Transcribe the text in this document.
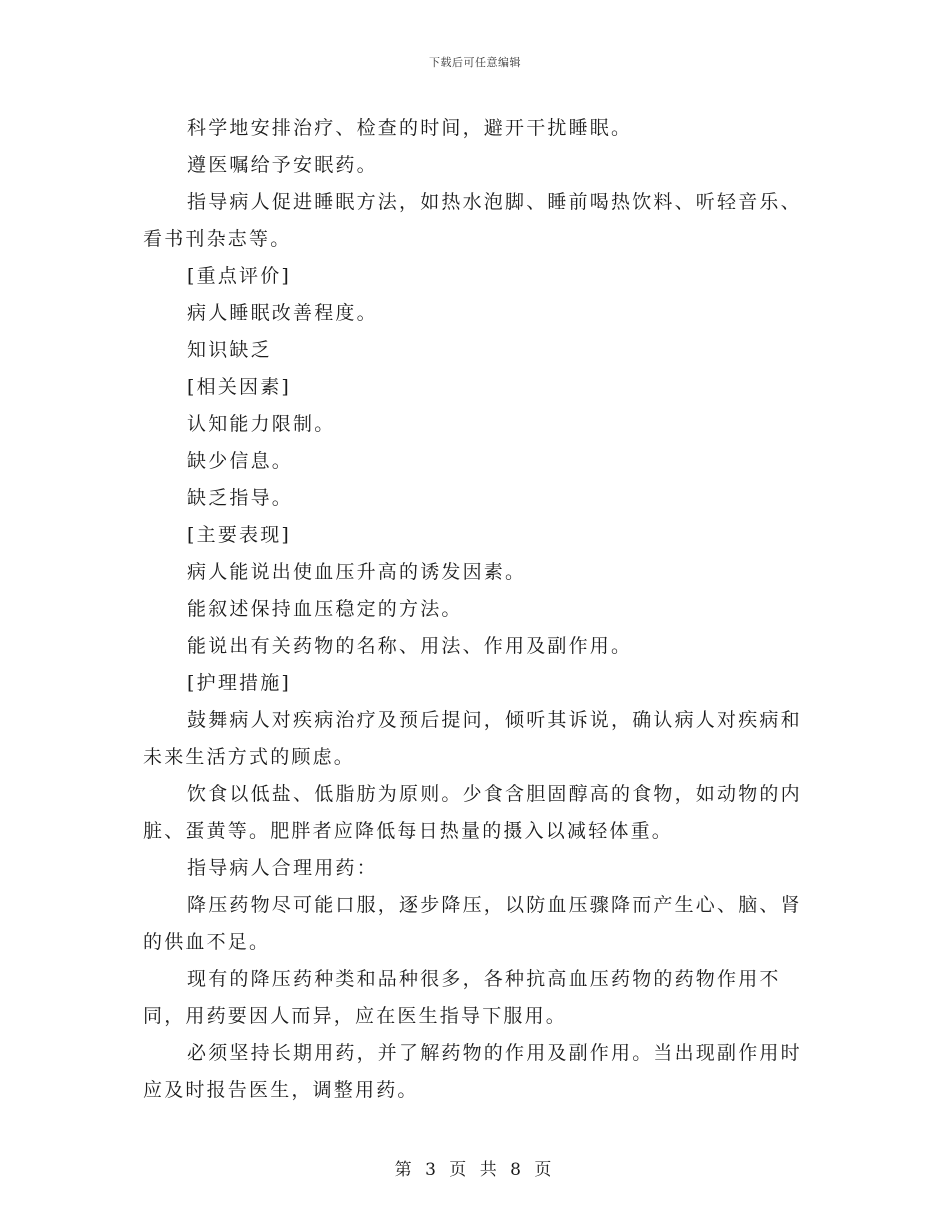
下载后可任意编辑

科学地安排治疗、检查的时间，避开干扰睡眠。

遵医嘱给予安眠药。

指导病人促进睡眠方法，如热水泡脚、睡前喝热饮料、听轻音乐、看书刊杂志等。

[重点评价]

病人睡眠改善程度。

知识缺乏

[相关因素]

认知能力限制。

缺少信息。

缺乏指导。

[主要表现]

病人能说出使血压升高的诱发因素。

能叙述保持血压稳定的方法。

能说出有关药物的名称、用法、作用及副作用。

[护理措施]

鼓舞病人对疾病治疗及预后提问，倾听其诉说，确认病人对疾病和未来生活方式的顾虑。

饮食以低盐、低脂肪为原则。少食含胆固醇高的食物，如动物的内脏、蛋黄等。肥胖者应降低每日热量的摄入以减轻体重。

指导病人合理用药：

降压药物尽可能口服，逐步降压，以防血压骤降而产生心、脑、肾的供血不足。

现有的降压药种类和品种很多，各种抗高血压药物的药物作用不同，用药要因人而异，应在医生指导下服用。

必须坚持长期用药，并了解药物的作用及副作用。当出现副作用时应及时报告医生，调整用药。

第 3 页 共 8 页
